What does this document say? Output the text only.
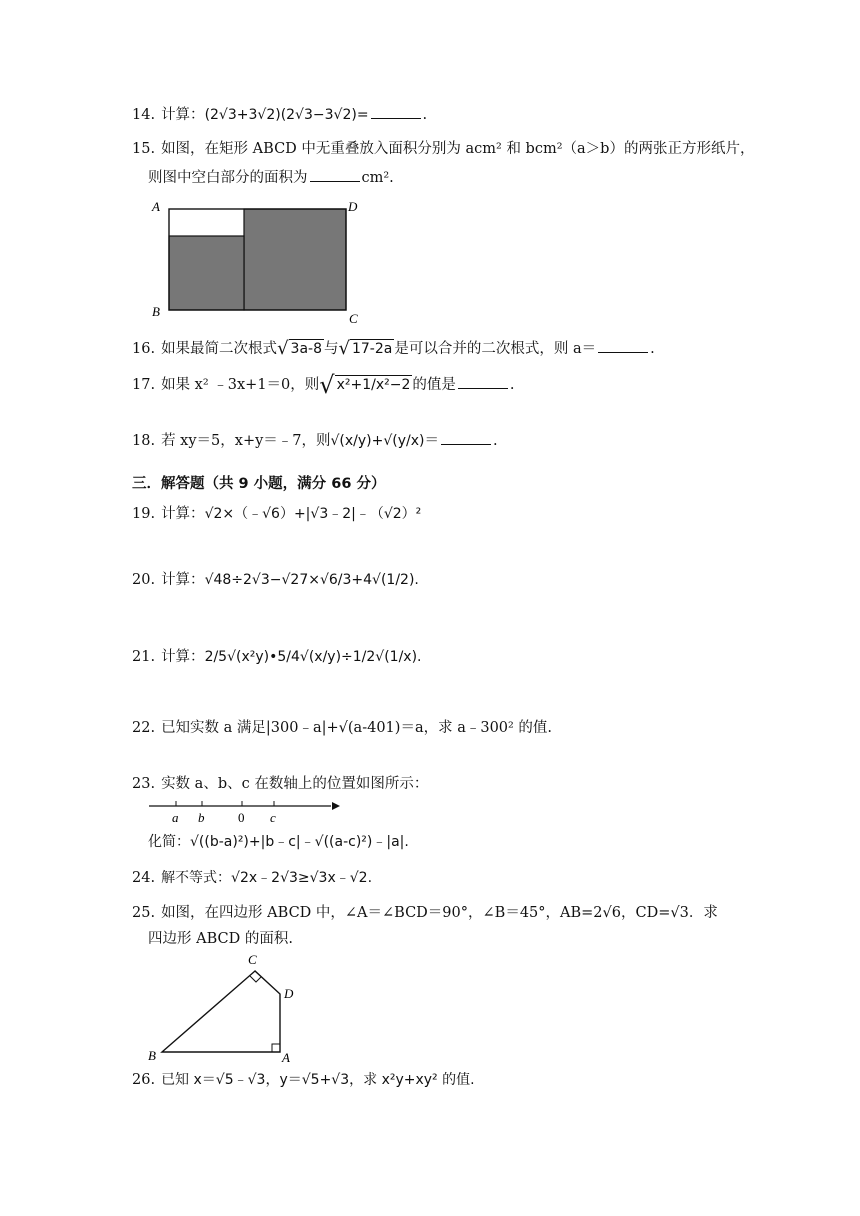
14. 计算：(2√3+3√2)(2√3−3√2)=	.
15. 如图，在矩形 ABCD 中无重叠放入面积分别为 acm² 和 bcm²（a＞b）的两张正方形纸片，
则图中空白部分的面积为	cm².
A	D
B	C
16. 如果最简二次根式 √ 3a-8 与 √ 17-2a 是可以合并的二次根式，则 a＝	.
17. 如果 x² ﹣3x+1＝0，则 √ x²+1/x²−2 的值是	.
18. 若 xy＝5，x+y＝﹣7，则√(x/y)+√(y/x)＝	.
三．解答题（共 9 小题，满分 66 分）
19. 计算：√2×（﹣√6）+|√3﹣2|﹣（√2）²
20. 计算：√48÷2√3−√27×√6/3+4√(1/2).
21. 计算：2/5√(x²y)•5/4√(x/y)÷1/2√(1/x).
22. 已知实数 a 满足|300﹣a|+√(a-401)＝a，求 a﹣300² 的值.
23. 实数 a、b、c 在数轴上的位置如图所示：
a b	0 c
化简：√((b-a)²)+|b﹣c|﹣√((a-c)²)﹣|a|.
24. 解不等式：√2x﹣2√3≥√3x﹣√2.
25. 如图，在四边形 ABCD 中，∠A＝∠BCD＝90°，∠B＝45°，AB=2√6，CD=√3．求
四边形 ABCD 的面积.
C
D
B	A
26. 已知 x＝√5﹣√3，y＝√5+√3，求 x²y+xy² 的值.
